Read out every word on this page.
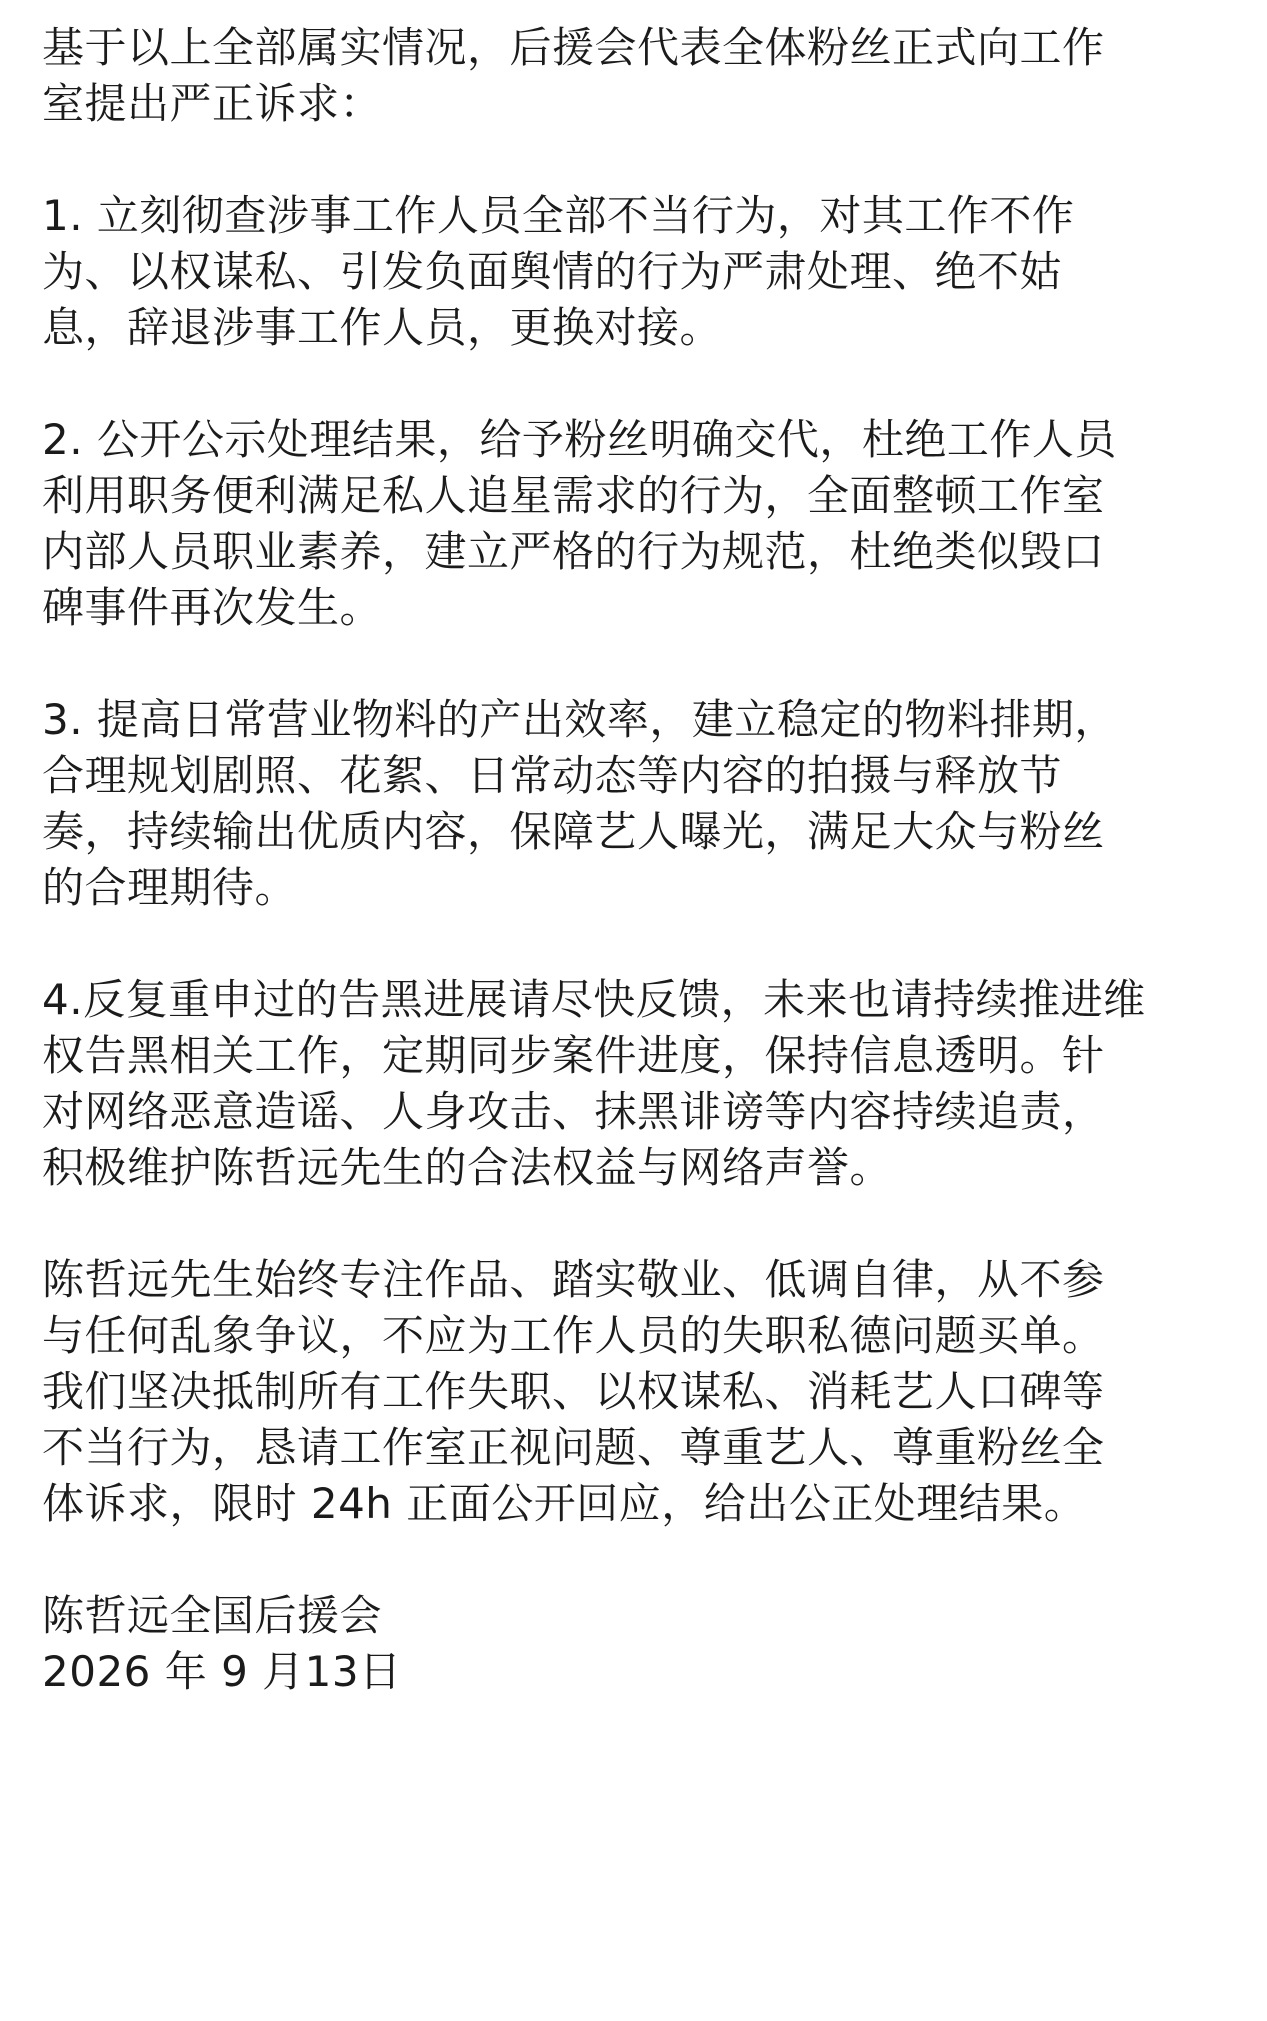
基于以上全部属实情况，后援会代表全体粉丝正式向工作
室提出严正诉求：
1. 立刻彻查涉事工作人员全部不当行为，对其工作不作
为、以权谋私、引发负面舆情的行为严肃处理、绝不姑
息，辞退涉事工作人员，更换对接。
2. 公开公示处理结果，给予粉丝明确交代，杜绝工作人员
利用职务便利满足私人追星需求的行为，全面整顿工作室
内部人员职业素养，建立严格的行为规范，杜绝类似毁口
碑事件再次发生。
3. 提高日常营业物料的产出效率，建立稳定的物料排期，
合理规划剧照、花絮、日常动态等内容的拍摄与释放节
奏，持续输出优质内容，保障艺人曝光，满足大众与粉丝
的合理期待。
4.反复重申过的告黑进展请尽快反馈，未来也请持续推进维
权告黑相关工作，定期同步案件进度，保持信息透明。针
对网络恶意造谣、人身攻击、抹黑诽谤等内容持续追责，
积极维护陈哲远先生的合法权益与网络声誉。
陈哲远先生始终专注作品、踏实敬业、低调自律，从不参
与任何乱象争议，不应为工作人员的失职私德问题买单。
我们坚决抵制所有工作失职、以权谋私、消耗艺人口碑等
不当行为，恳请工作室正视问题、尊重艺人、尊重粉丝全
体诉求，限时 24h 正面公开回应，给出公正处理结果。
陈哲远全国后援会
2026 年 9 月13日
